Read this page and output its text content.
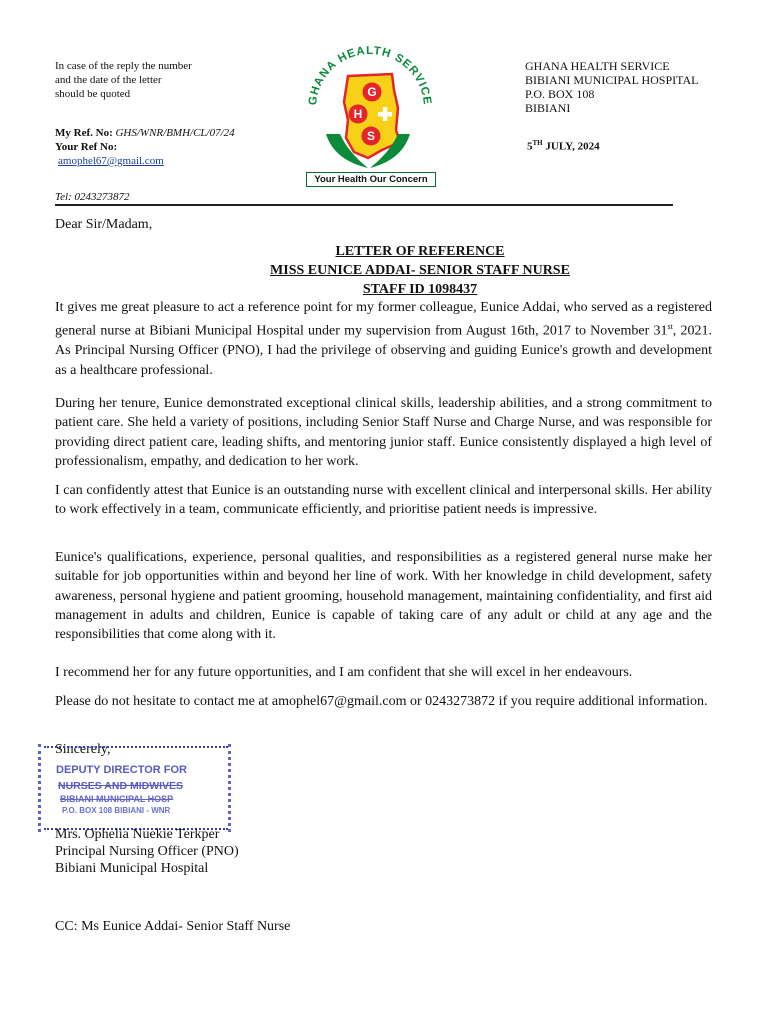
In case of the reply the number
and the date of the letter
should be quoted
My Ref. No: GHS/WNR/BMH/CL/07/24
Your Ref No:
amophel67@gmail.com
Tel: 0243273872
GHANA HEALTH SERVICE
G
H
S
Your Health Our Concern
GHANA HEALTH SERVICE
BIBIANI MUNICIPAL HOSPITAL
P.O. BOX 108
BIBIANI
5TH JULY, 2024
Dear Sir/Madam,
LETTER OF REFERENCE
MISS EUNICE ADDAI- SENIOR STAFF NURSE
STAFF ID 1098437
It gives me great pleasure to act a reference point for my former colleague, Eunice Addai, who served as a registered general nurse at Bibiani Municipal Hospital under my supervision from August 16th, 2017 to November 31st, 2021. As Principal Nursing Officer (PNO), I had the privilege of observing and guiding Eunice's growth and development as a healthcare professional.
During her tenure, Eunice demonstrated exceptional clinical skills, leadership abilities, and a strong commitment to patient care. She held a variety of positions, including Senior Staff Nurse and Charge Nurse, and was responsible for providing direct patient care, leading shifts, and mentoring junior staff. Eunice consistently displayed a high level of professionalism, empathy, and dedication to her work.
I can confidently attest that Eunice is an outstanding nurse with excellent clinical and interpersonal skills. Her ability to work effectively in a team, communicate efficiently, and prioritise patient needs is impressive.
Eunice's qualifications, experience, personal qualities, and responsibilities as a registered general nurse make her suitable for job opportunities within and beyond her line of work. With her knowledge in child development, safety awareness, personal hygiene and patient grooming, household management, maintaining confidentiality, and first aid management in adults and children, Eunice is capable of taking care of any adult or child at any age and the responsibilities that come along with it.
I recommend her for any future opportunities, and I am confident that she will excel in her endeavours.
Please do not hesitate to contact me at amophel67@gmail.com or 0243273872 if you require additional information.
Sincerely,
DEPUTY DIRECTOR FOR
NURSES AND MIDWIVES
BIBIANI MUNICIPAL HOSP
P.O. BOX 108 BIBIANI - WNR
Mrs. Ophelia Nuekie Terkper
Principal Nursing Officer (PNO)
Bibiani Municipal Hospital
CC: Ms Eunice Addai- Senior Staff Nurse
